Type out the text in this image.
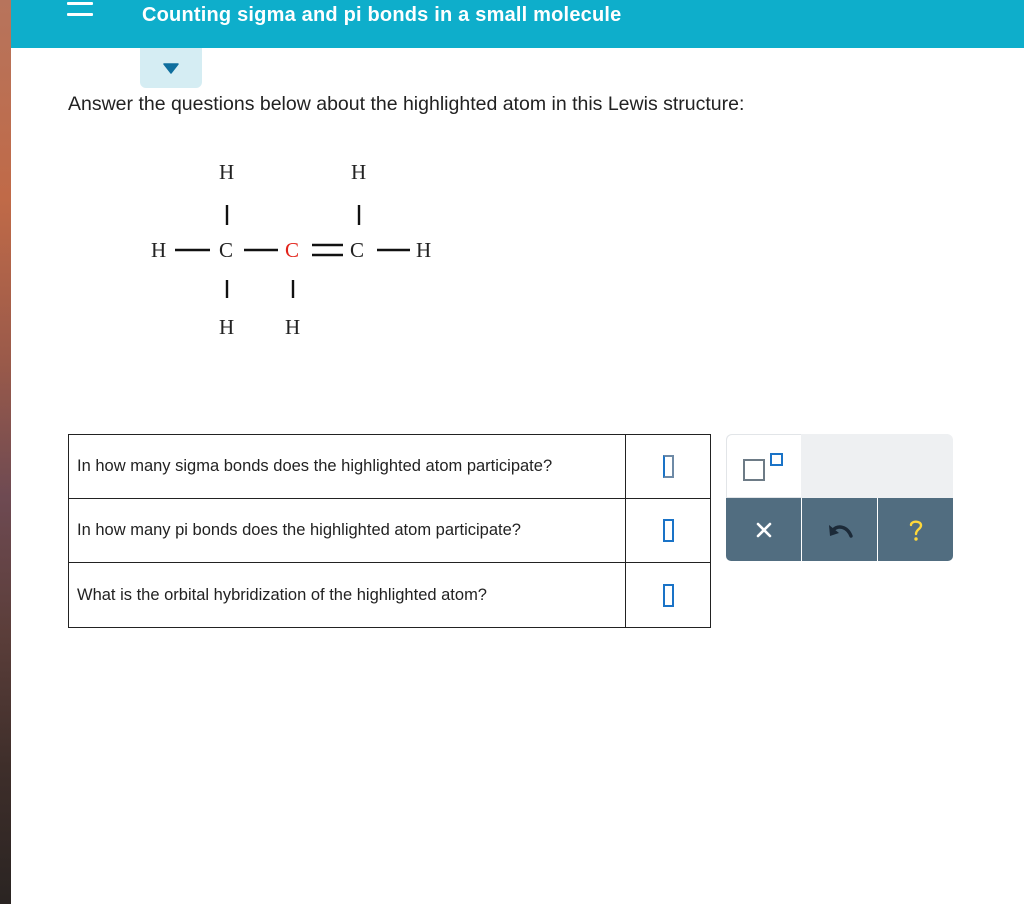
Counting sigma and pi bonds in a small molecule
Answer the questions below about the highlighted atom in this Lewis structure:
H	H
H	C C C H
H H
In how many sigma bonds does the highlighted atom participate?	
In how many pi bonds does the highlighted atom participate?	
What is the orbital hybridization of the highlighted atom?	
